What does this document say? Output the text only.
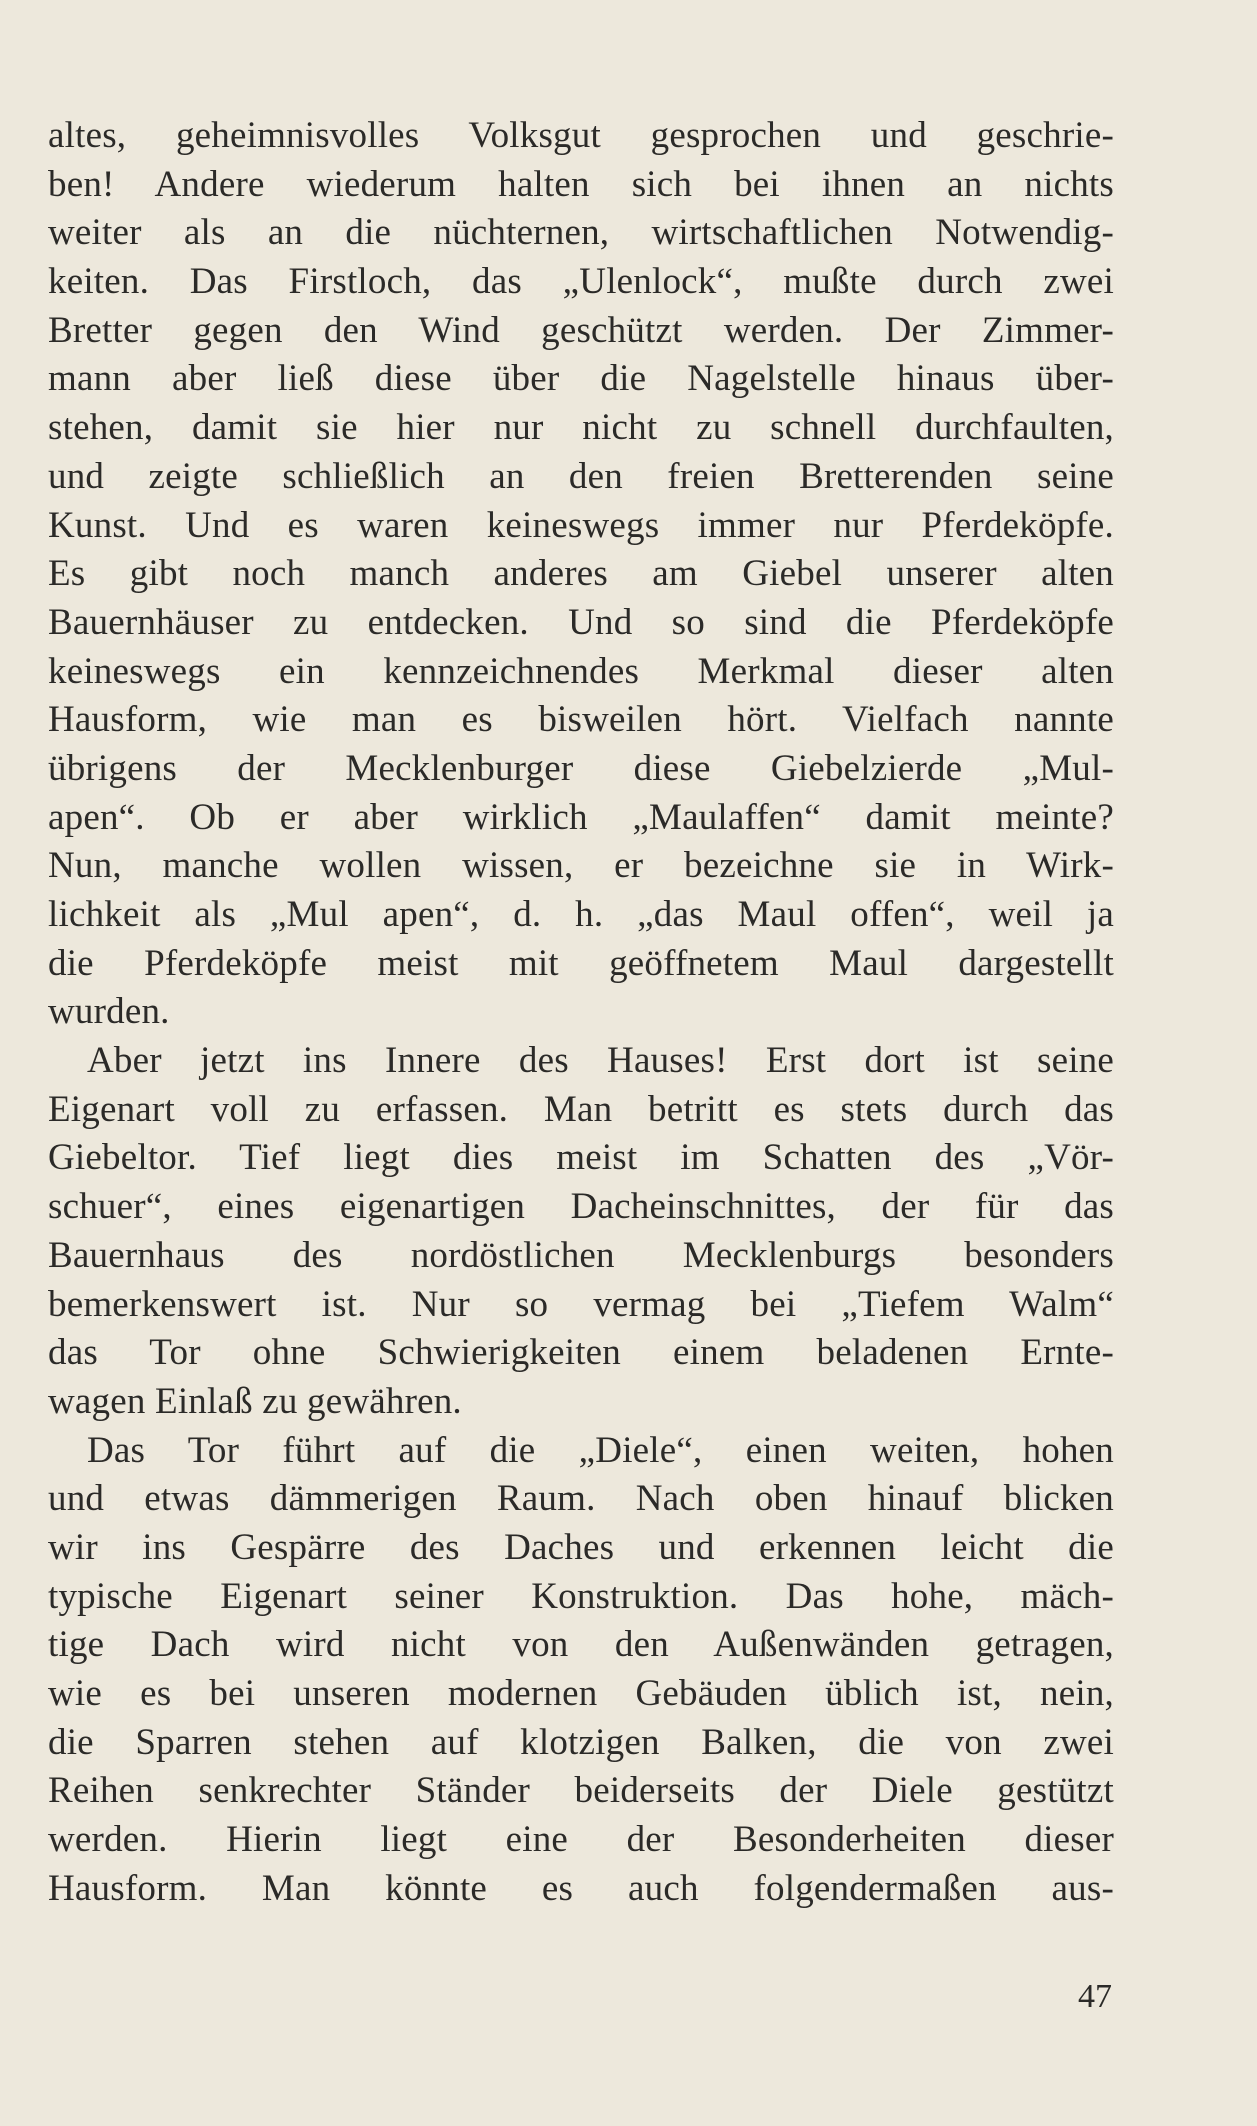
altes, geheimnisvolles Volksgut gesprochen und geschrie-
ben! Andere wiederum halten sich bei ihnen an nichts
weiter als an die nüchternen, wirtschaftlichen Notwendig-
keiten. Das Firstloch, das „Ulenlock“, mußte durch zwei
Bretter gegen den Wind geschützt werden. Der Zimmer-
mann aber ließ diese über die Nagelstelle hinaus über-
stehen, damit sie hier nur nicht zu schnell durchfaulten,
und zeigte schließlich an den freien Bretterenden seine
Kunst. Und es waren keineswegs immer nur Pferdeköpfe.
Es gibt noch manch anderes am Giebel unserer alten
Bauernhäuser zu entdecken. Und so sind die Pferdeköpfe
keineswegs ein kennzeichnendes Merkmal dieser alten
Hausform, wie man es bisweilen hört. Vielfach nannte
übrigens der Mecklenburger diese Giebelzierde „Mul-
apen“. Ob er aber wirklich „Maulaffen“ damit meinte?
Nun, manche wollen wissen, er bezeichne sie in Wirk-
lichkeit als „Mul apen“, d. h. „das Maul offen“, weil ja
die Pferdeköpfe meist mit geöffnetem Maul dargestellt
wurden.
Aber jetzt ins Innere des Hauses! Erst dort ist seine
Eigenart voll zu erfassen. Man betritt es stets durch das
Giebeltor. Tief liegt dies meist im Schatten des „Vör-
schuer“, eines eigenartigen Dacheinschnittes, der für das
Bauernhaus des nordöstlichen Mecklenburgs besonders
bemerkenswert ist. Nur so vermag bei „Tiefem Walm“
das Tor ohne Schwierigkeiten einem beladenen Ernte-
wagen Einlaß zu gewähren.
Das Tor führt auf die „Diele“, einen weiten, hohen
und etwas dämmerigen Raum. Nach oben hinauf blicken
wir ins Gespärre des Daches und erkennen leicht die
typische Eigenart seiner Konstruktion. Das hohe, mäch-
tige Dach wird nicht von den Außenwänden getragen,
wie es bei unseren modernen Gebäuden üblich ist, nein,
die Sparren stehen auf klotzigen Balken, die von zwei
Reihen senkrechter Ständer beiderseits der Diele gestützt
werden. Hierin liegt eine der Besonderheiten dieser
Hausform. Man könnte es auch folgendermaßen aus-
47
